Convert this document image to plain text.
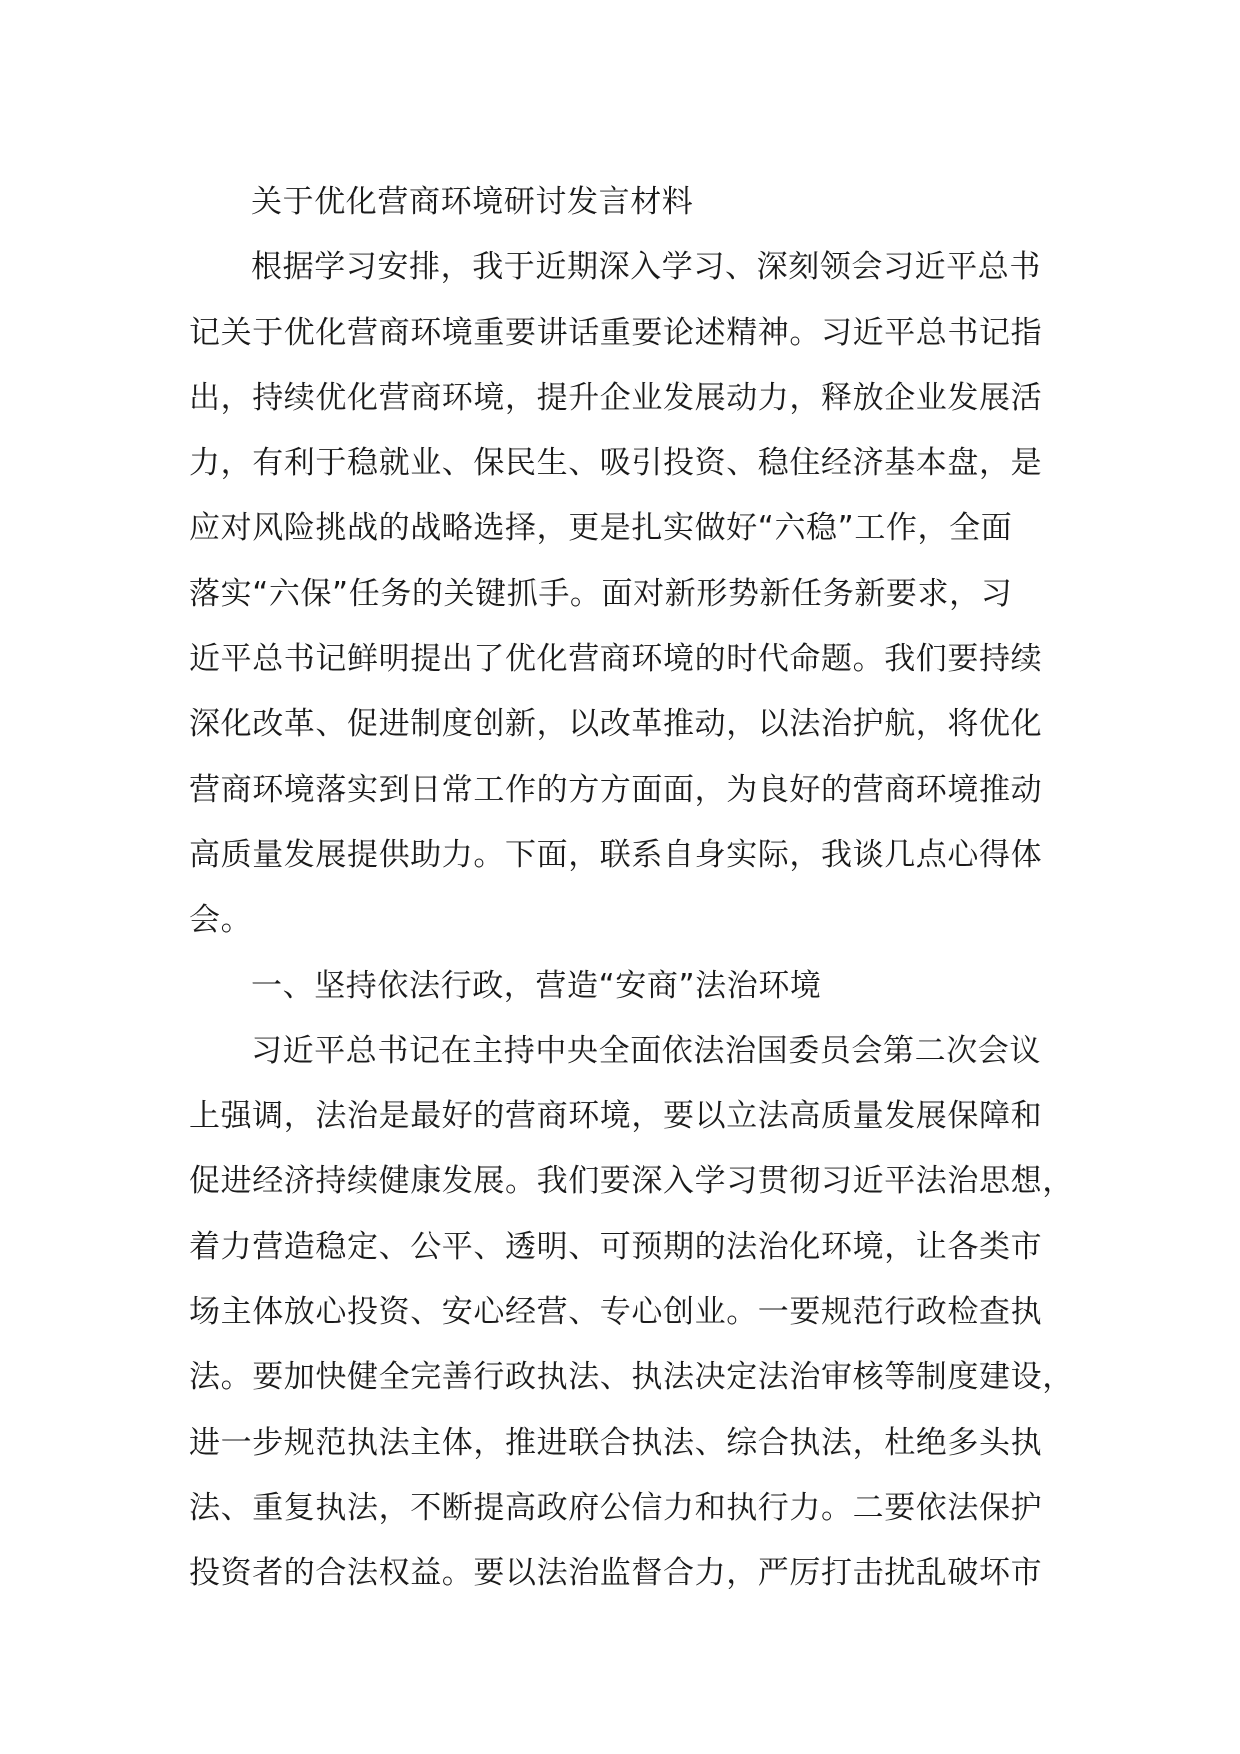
关于优化营商环境研讨发言材料
根据学习安排，我于近期深入学习、深刻领会习近平总书
记关于优化营商环境重要讲话重要论述精神。习近平总书记指
出，持续优化营商环境，提升企业发展动力，释放企业发展活
力，有利于稳就业、保民生、吸引投资、稳住经济基本盘，是
应对风险挑战的战略选择，更是扎实做好“六稳”工作，全面
落实“六保”任务的关键抓手。面对新形势新任务新要求，习
近平总书记鲜明提出了优化营商环境的时代命题。我们要持续
深化改革、促进制度创新，以改革推动，以法治护航，将优化
营商环境落实到日常工作的方方面面，为良好的营商环境推动
高质量发展提供助力。下面，联系自身实际，我谈几点心得体
会。
一、坚持依法行政，营造“安商”法治环境
习近平总书记在主持中央全面依法治国委员会第二次会议
上强调，法治是最好的营商环境，要以立法高质量发展保障和
促进经济持续健康发展。我们要深入学习贯彻习近平法治思想，
着力营造稳定、公平、透明、可预期的法治化环境，让各类市
场主体放心投资、安心经营、专心创业。一要规范行政检查执
法。要加快健全完善行政执法、执法决定法治审核等制度建设，
进一步规范执法主体，推进联合执法、综合执法，杜绝多头执
法、重复执法，不断提高政府公信力和执行力。二要依法保护
投资者的合法权益。要以法治监督合力，严厉打击扰乱破坏市
